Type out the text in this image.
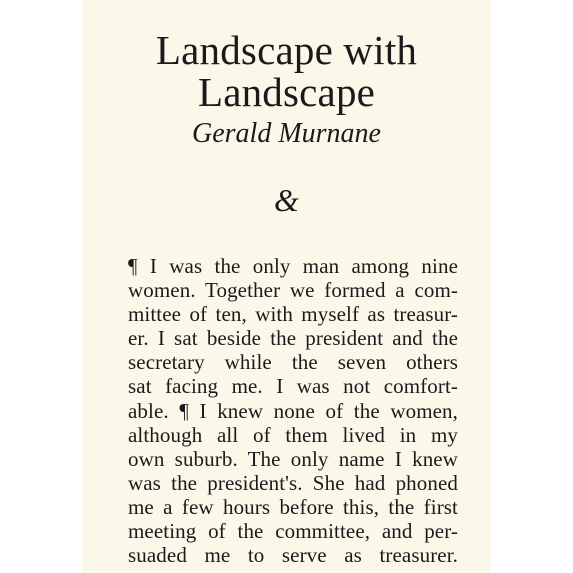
Landscape with
Landscape

Gerald Murnane

&
¶ I was the only man among nine
women. Together we formed a com-
mittee of ten, with myself as treasur-
er. I sat beside the president and the
secretary while the seven others
sat facing me. I was not comfort-
able. ¶ I knew none of the women,
although all of them lived in my
own suburb. The only name I knew
was the president's. She had phoned
me a few hours before this, the first
meeting of the committee, and per-
suaded me to serve as treasurer.
